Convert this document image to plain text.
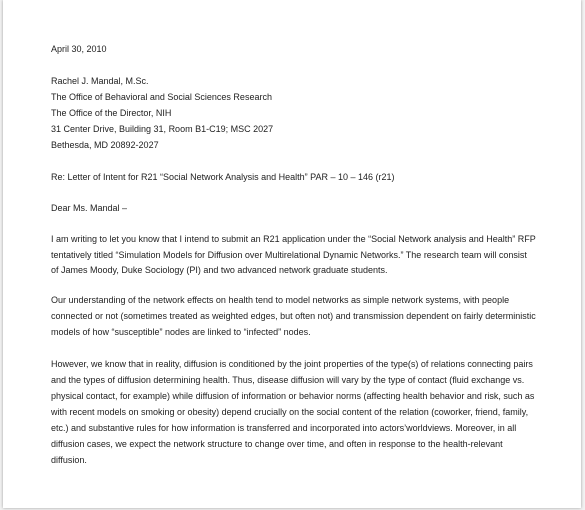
April 30, 2010
Rachel J. Mandal, M.Sc.
The Office of Behavioral and Social Sciences Research
The Office of the Director, NIH
31 Center Drive, Building 31, Room B1-C19; MSC 2027
Bethesda, MD 20892-2027
Re: Letter of Intent for R21 “Social Network Analysis and Health” PAR – 10 – 146 (r21)
Dear Ms. Mandal –
I am writing to let you know that I intend to submit an R21 application under the “Social Network analysis and Health” RFP
tentatively titled “Simulation Models for Diffusion over Multirelational Dynamic Networks.” The research team will consist
of James Moody, Duke Sociology (PI) and two advanced network graduate students.
Our understanding of the network effects on health tend to model networks as simple network systems, with people
connected or not (sometimes treated as weighted edges, but often not) and transmission dependent on fairly deterministic
models of how “susceptible” nodes are linked to “infected” nodes.
However, we know that in reality, diffusion is conditioned by the joint properties of the type(s) of relations connecting pairs
and the types of diffusion determining health. Thus, disease diffusion will vary by the type of contact (fluid exchange vs.
physical contact, for example) while diffusion of information or behavior norms (affecting health behavior and risk, such as
with recent models on smoking or obesity) depend crucially on the social content of the relation (coworker, friend, family,
etc.) and substantive rules for how information is transferred and incorporated into actors’worldviews. Moreover, in all
diffusion cases, we expect the network structure to change over time, and often in response to the health-relevant
diffusion.
